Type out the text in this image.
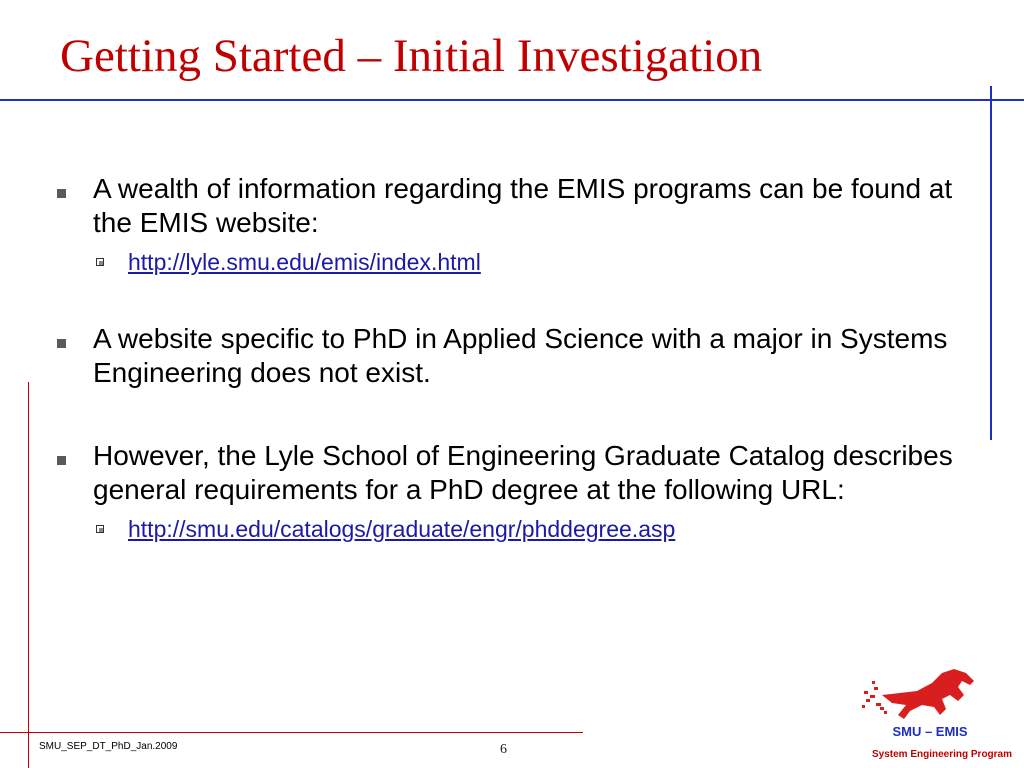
Getting Started – Initial Investigation
A wealth of information regarding the EMIS programs can be found at the EMIS website:
http://lyle.smu.edu/emis/index.html
A website specific to PhD in Applied Science with a major in Systems Engineering does not exist.
However, the Lyle School of Engineering Graduate Catalog describes general requirements for a PhD degree at the following URL:
http://smu.edu/catalogs/graduate/engr/phddegree.asp
SMU_SEP_DT_PhD_Jan.2009	6
SMU – EMIS
System Engineering Program
